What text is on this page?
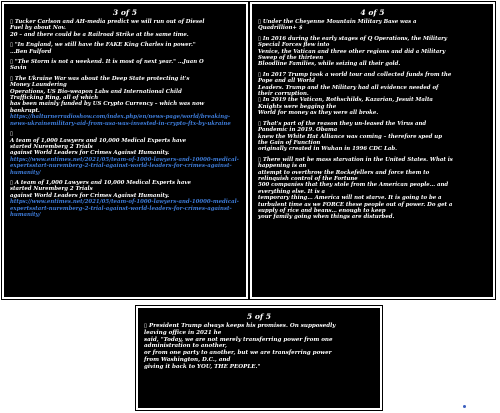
3 of 5
▯ Tucker Carlson and AH-media predict we will run out of Diesel
Fuel by about Nov.
20 – and there could be a Railroad Strike at the same time.
▯ "In England, we still have the FAKE King Charles in power."
…Ben Fulford
▯ "The Storm is not a weekend. It is most of next year." …Juan O
Savin
▯ The Ukraine War was about the Deep State protecting it's
Money Laundering
Operations, US Bio-weapon Labs and International Child
Trafficking Ring, all of which
has been mainly funded by US Crypto Currency – which was now
bankrupt.
https://halturnerradioshow.com/index.php/en/news-page/world/breaking-news-ukrainemilitary-aid-from-usa-was-invested-in-crypto-ftx-by-ukraine
▯
A team of 1,000 Lawyers and 10,000 Medical Experts have
started Nuremberg 2 Trials
against World Leaders for Crimes Against Humanity.
https://www.entimes.net/2021/05/team-of-1000-lawyers-and-10000-medical-expertsstart-nuremberg-2-trial-against-world-leaders-for-crimes-against-humanity/
▯ A team of 1,000 Lawyers and 10,000 Medical Experts have
started Nuremberg 2 Trials
against World Leaders for Crimes Against Humanity.
https://www.entimes.net/2021/05/team-of-1000-lawyers-and-10000-medical-expertsstart-nuremberg-2-trial-against-world-leaders-for-crimes-against-humanity/
4 of 5
▯ Under the Cheyenne Mountain Military Base was a
Quadrillion+ $
▯ In 2016 during the early stages of Q Operations, the Military
Special Forces flew into
Venice, the Vatican and three other regions and did a Military
Sweep of the thirteen
Bloodline Families, while seizing all their gold.
▯ In 2017 Trump took a world tour and collected funds from the
Pope and all World
Leaders. Trump and the Military had all evidence needed of
their corruption.
▯ In 2019 the Vatican, Rothschilds, Kazarian, Jesuit Malta
Knights were begging the
World for money as they were all broke.
▯ That's part of the reason they un-leased the Virus and
Pandemic in 2019. Obama
knew the White Hat Alliance was coming – therefore sped up
the Gain of Function
originally created in Wuhan in 1996 CDC Lab.
▯ There will not be mass starvation in the United States. What is
happening is an
attempt to overthrow the Rockefellers and force them to
relinquish control of the Fortune
500 companies that they stole from the American people… and
everything else. It is a
temporary thing… America will not starve. It is going to be a
turbulent time as we FORCE these people out of power. Do get a
supply of rice and beans… enough to keep
your family going when things are disturbed.
5 of 5
▯ President Trump always keeps his promises. On supposedly
leaving office in 2021 he
said, "Today, we are not merely transferring power from one
administration to another,
or from one party to another, but we are transferring power
from Washington, D.C., and
giving it back to YOU, THE PEOPLE."
